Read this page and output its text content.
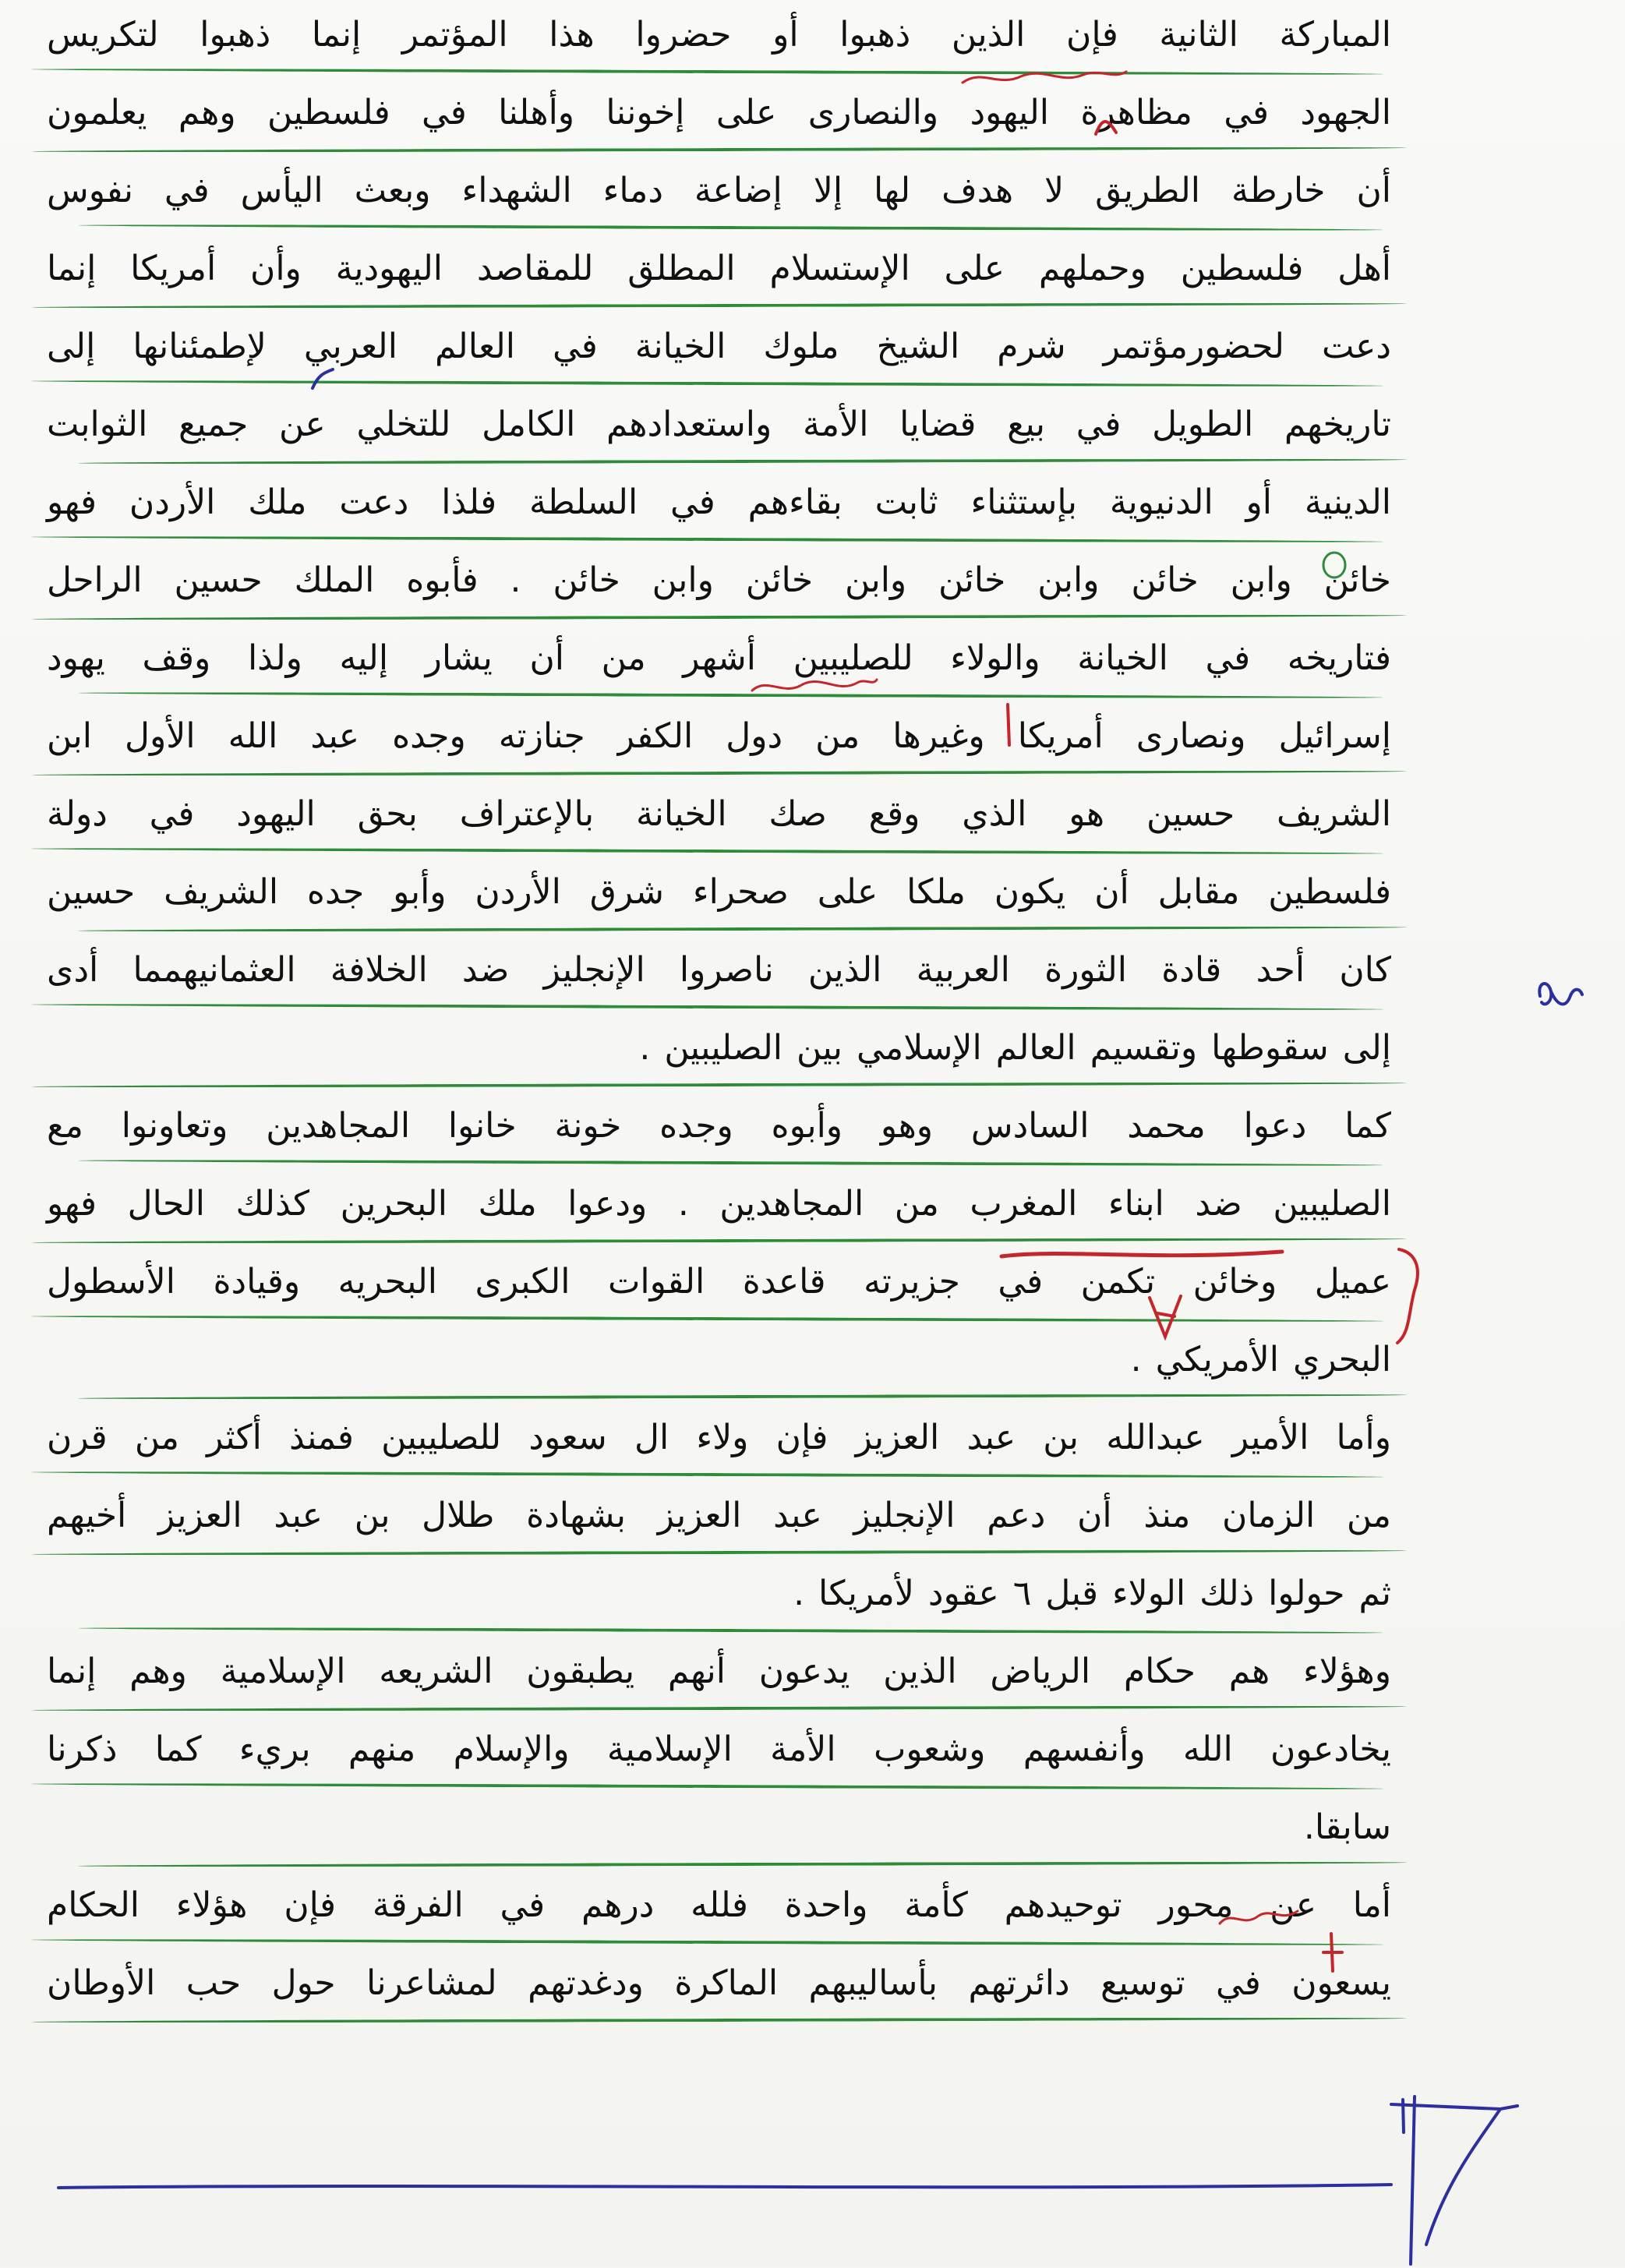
المباركة الثانية فإن الذين ذهبوا أو حضروا هذا المؤتمر إنما ذهبوا لتكريس
الجهود في مظاهرة اليهود والنصارى على إخوننا وأهلنا في فلسطين وهم يعلمون
أن خارطة الطريق لا هدف لها إلا إضاعة دماء الشهداء وبعث اليأس في نفوس
أهل فلسطين وحملهم على الإستسلام المطلق للمقاصد اليهودية وأن أمريكا إنما
دعت لحضورمؤتمر شرم الشيخ ملوك الخيانة في العالم العربي لإطمئنانها إلى
تاريخهم الطويل في بيع قضايا الأمة واستعدادهم الكامل للتخلي عن جميع الثوابت
الدينية أو الدنيوية بإستثناء ثابت بقاءهم في السلطة فلذا دعت ملك الأردن فهو
خائن وابن خائن وابن خائن وابن خائن وابن خائن . فأبوه الملك حسين الراحل
فتاريخه في الخيانة والولاء للصليبين أشهر من أن يشار إليه ولذا وقف يهود
إسرائيل ونصارى أمريكا وغيرها من دول الكفر جنازته وجده عبد الله الأول ابن
الشريف حسين هو الذي وقع صك الخيانة بالإعتراف بحق اليهود في دولة
فلسطين مقابل أن يكون ملكا على صحراء شرق الأردن وأبو جده الشريف حسين
كان أحد قادة الثورة العربية الذين ناصروا الإنجليز ضد الخلافة العثمانيهمما أدى
إلى سقوطها وتقسيم العالم الإسلامي بين الصليبين .
كما دعوا محمد السادس وهو وأبوه وجده خونة خانوا المجاهدين وتعاونوا مع
الصليبين ضد ابناء المغرب من المجاهدين . ودعوا ملك البحرين كذلك الحال فهو
عميل وخائن تكمن في جزيرته قاعدة القوات الكبرى البحريه وقيادة الأسطول
البحري الأمريكي .
وأما الأمير عبدالله بن عبد العزيز فإن ولاء ال سعود للصليبين فمنذ أكثر من قرن
من الزمان منذ أن دعم الإنجليز عبد العزيز بشهادة طلال بن عبد العزيز أخيهم
ثم حولوا ذلك الولاء قبل ٦ عقود لأمريكا .
وهؤلاء هم حكام الرياض الذين يدعون أنهم يطبقون الشريعه الإسلامية وهم إنما
يخادعون الله وأنفسهم وشعوب الأمة الإسلامية والإسلام منهم بريء كما ذكرنا
سابقا.
أما عن محور توحيدهم كأمة واحدة فلله درهم في الفرقة فإن هؤلاء الحكام
يسعون في توسيع دائرتهم بأساليبهم الماكرة ودغدتهم لمشاعرنا حول حب الأوطان
